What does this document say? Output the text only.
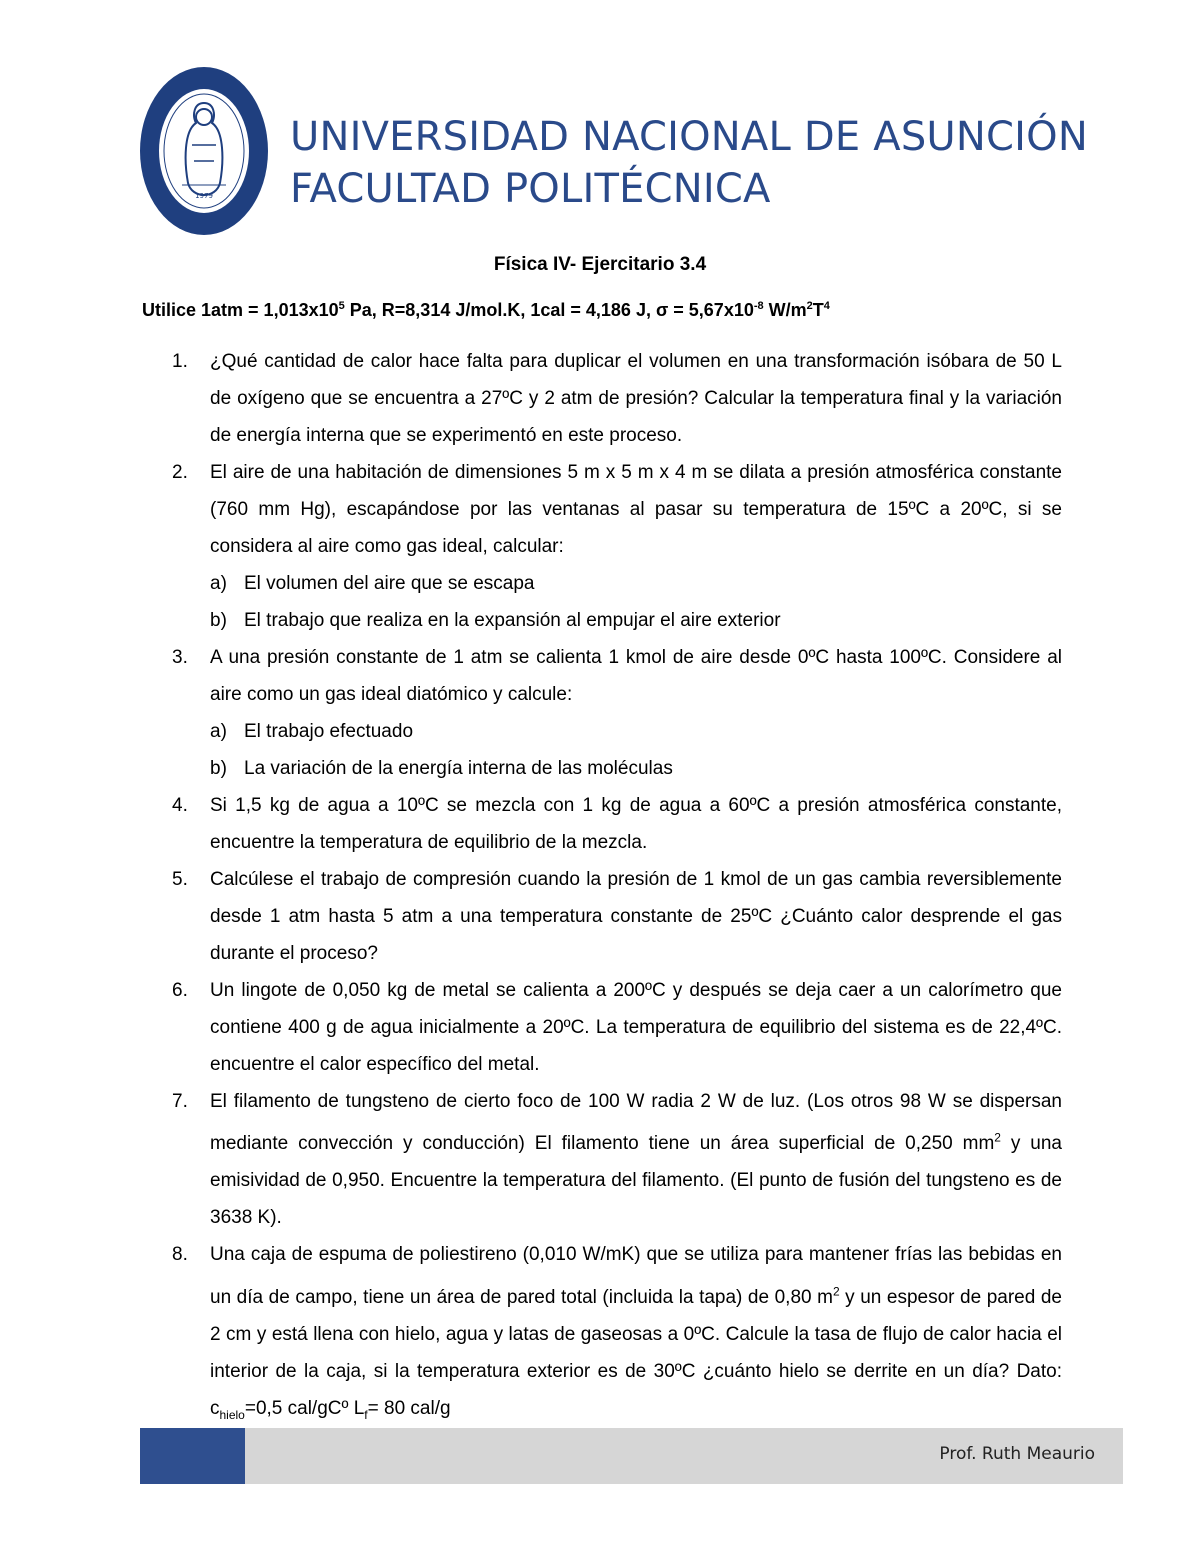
1979
UNIVERSIDAD NACIONAL DE ASUNCIÓN
FACULTAD POLITÉCNICA
Física IV- Ejercitario 3.4
Utilice $1atm = 1,013x10^5$ Pa, R=8,314 J/mol.K, 1cal = 4,186 J, $\sigma = 5,67x10^{-8}$ $W/m^2T^4$
1. ¿Qué cantidad de calor hace falta para duplicar el volumen en una transformación isóbara de 50 L de oxígeno que se encuentra a 27ºC y 2 atm de presión? Calcular la temperatura final y la variación de energía interna que se experimentó en este proceso.
2. El aire de una habitación de dimensiones 5 m x 5 m x 4 m se dilata a presión atmosférica constante (760 mm Hg), escapándose por las ventanas al pasar su temperatura de 15ºC a 20ºC, si se considera al aire como gas ideal, calcular:
a) El volumen del aire que se escapa
b) El trabajo que realiza en la expansión al empujar el aire exterior
3. A una presión constante de 1 atm se calienta 1 kmol de aire desde 0ºC hasta 100ºC. Considere al aire como un gas ideal diatómico y calcule:
a) El trabajo efectuado
b) La variación de la energía interna de las moléculas
4. Si 1,5 kg de agua a 10ºC se mezcla con 1 kg de agua a 60ºC a presión atmosférica constante, encuentre la temperatura de equilibrio de la mezcla.
5. Calcúlese el trabajo de compresión cuando la presión de 1 kmol de un gas cambia reversiblemente desde 1 atm hasta 5 atm a una temperatura constante de 25ºC ¿Cuánto calor desprende el gas durante el proceso?
6. Un lingote de 0,050 kg de metal se calienta a 200ºC y después se deja caer a un calorímetro que contiene 400 g de agua inicialmente a 20ºC. La temperatura de equilibrio del sistema es de 22,4ºC. encuentre el calor específico del metal.
7. El filamento de tungsteno de cierto foco de 100 W radia 2 W de luz. (Los otros 98 W se dispersan mediante convección y conducción) El filamento tiene un área superficial de 0,250 $mm^2$ y una emisividad de 0,950. Encuentre la temperatura del filamento. (El punto de fusión del tungsteno es de 3638 K).
8. Una caja de espuma de poliestireno (0,010 W/mK) que se utiliza para mantener frías las bebidas en un día de campo, tiene un área de pared total (incluida la tapa) de 0,80 $m^2$ y un espesor de pared de 2 cm y está llena con hielo, agua y latas de gaseosas a 0ºC. Calcule la tasa de flujo de calor hacia el interior de la caja, si la temperatura exterior es de 30ºC ¿cuánto hielo se derrite en un día? Dato: $c_{hielo}=0,5$ cal/gCº $L_f= 80$ cal/g
Prof. Ruth Meaurio
